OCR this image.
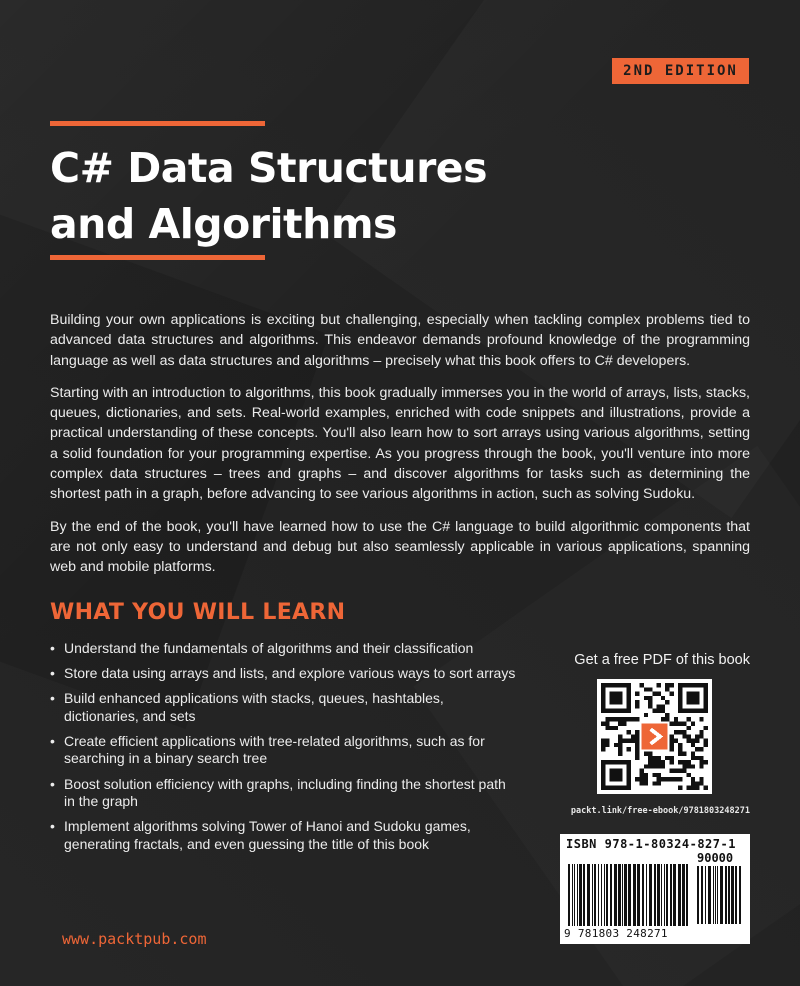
2ND EDITION
C# Data Structures
and Algorithms

Building your own applications is exciting but challenging, especially when tackling complex problems tied to advanced data structures and algorithms. This endeavor demands profound knowledge of the programming language as well as data structures and algorithms – precisely what this book offers to C# developers.

Starting with an introduction to algorithms, this book gradually immerses you in the world of arrays, lists, stacks, queues, dictionaries, and sets. Real-world examples, enriched with code snippets and illustrations, provide a practical understanding of these concepts. You'll also learn how to sort arrays using various algorithms, setting a solid foundation for your programming expertise. As you progress through the book, you'll venture into more complex data structures – trees and graphs – and discover algorithms for tasks such as determining the shortest path in a graph, before advancing to see various algorithms in action, such as solving Sudoku.

By the end of the book, you'll have learned how to use the C# language to build algorithmic components that are not only easy to understand and debug but also seamlessly applicable in various applications, spanning web and mobile platforms.

WHAT YOU WILL LEARN
• Understand the fundamentals of algorithms and their classification
• Store data using arrays and lists, and explore various ways to sort arrays
• Build enhanced applications with stacks, queues, hashtables, dictionaries, and sets
• Create efficient applications with tree-related algorithms, such as for searching in a binary search tree
• Boost solution efficiency with graphs, including finding the shortest path in the graph
• Implement algorithms solving Tower of Hanoi and Sudoku games, generating fractals, and even guessing the title of this book
www.packtpub.com
Get a free PDF of this book
packt.link/free-ebook/9781803248271
ISBN 978-1-80324-827-1
90000
9 781803 248271
